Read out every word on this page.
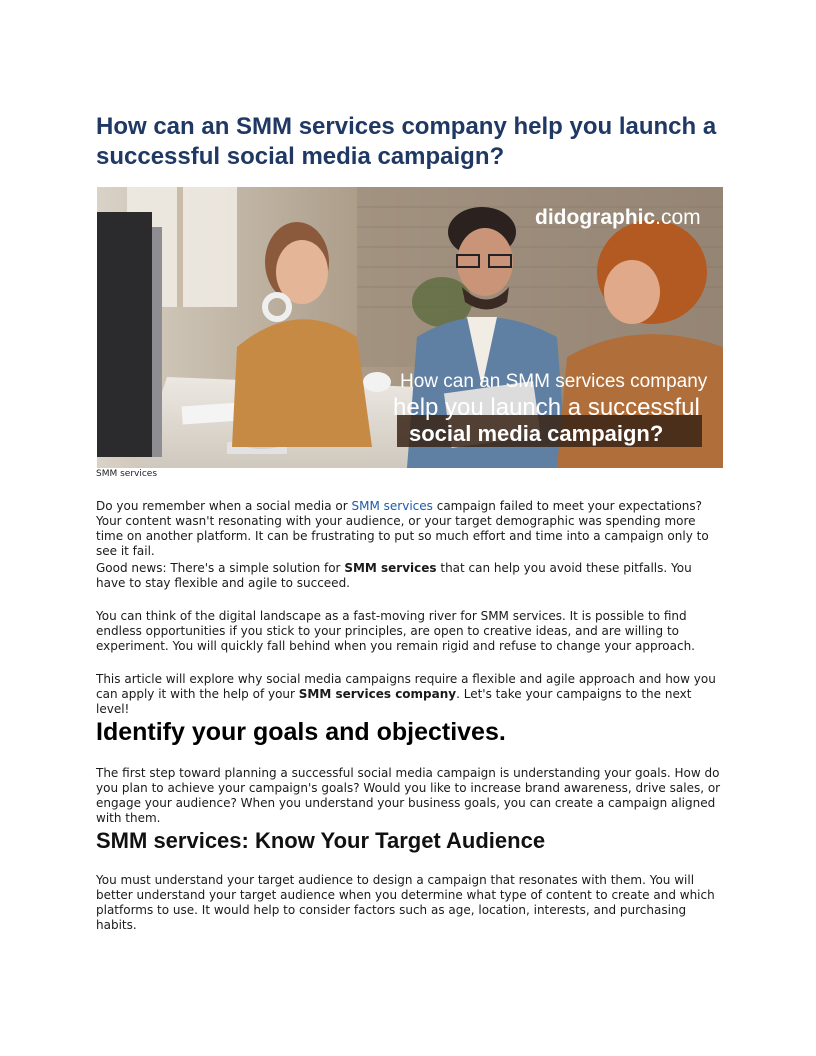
How can an SMM services company help you launch a successful social media campaign?
didographic.com
How can an SMM services company
help you launch a successful
social media campaign?
SMM services

Do you remember when a social media or SMM services campaign failed to meet your expectations? Your content wasn't resonating with your audience, or your target demographic was spending more time on another platform. It can be frustrating to put so much effort and time into a campaign only to see it fail.

Good news: There's a simple solution for SMM services that can help you avoid these pitfalls. You have to stay flexible and agile to succeed.

You can think of the digital landscape as a fast-moving river for SMM services. It is possible to find endless opportunities if you stick to your principles, are open to creative ideas, and are willing to experiment. You will quickly fall behind when you remain rigid and refuse to change your approach.

This article will explore why social media campaigns require a flexible and agile approach and how you can apply it with the help of your SMM services company. Let's take your campaigns to the next level!

Identify your goals and objectives.

The first step toward planning a successful social media campaign is understanding your goals. How do you plan to achieve your campaign's goals? Would you like to increase brand awareness, drive sales, or engage your audience? When you understand your business goals, you can create a campaign aligned with them.

SMM services: Know Your Target Audience

You must understand your target audience to design a campaign that resonates with them. You will better understand your target audience when you determine what type of content to create and which platforms to use. It would help to consider factors such as age, location, interests, and purchasing habits.
